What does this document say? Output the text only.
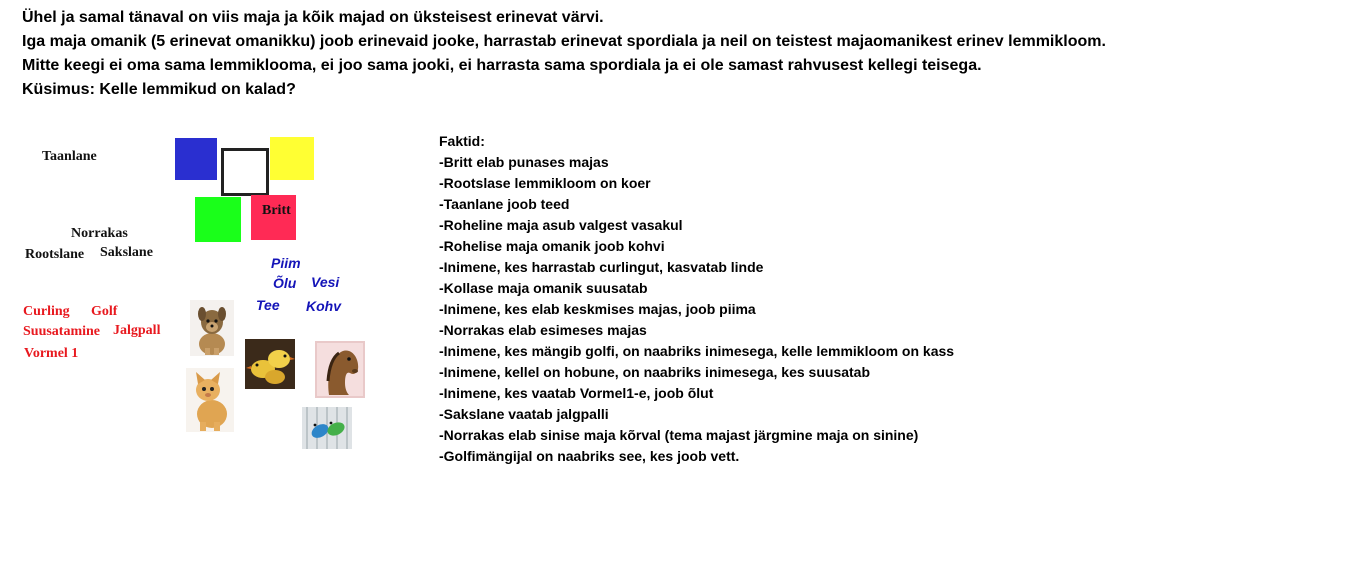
Ühel ja samal tänaval on viis maja ja kõik majad on üksteisest erinevat värvi.

Iga maja omanik (5 erinevat omanikku) joob erinevaid jooke, harrastab erinevat spordiala ja neil on teistest majaomanikest erinev lemmikloom.

Mitte keegi ei oma sama lemmiklooma, ei joo sama jooki, ei harrasta sama spordiala ja ei ole samast rahvusest kellegi teisega.

Küsimus: Kelle lemmikud on kalad?

Taanlane
Norrakas
Rootslane Sakslane
Curling Golf
Suusatamine Jalgpall
Vormel 1
Britt
Piim
Õlu Vesi
Tee Kohv
Faktid:
-Britt elab punases majas
-Rootslase lemmikloom on koer
-Taanlane joob teed
-Roheline maja asub valgest vasakul
-Rohelise maja omanik joob kohvi
-Inimene, kes harrastab curlingut, kasvatab linde
-Kollase maja omanik suusatab
-Inimene, kes elab keskmises majas, joob piima
-Norrakas elab esimeses majas
-Inimene, kes mängib golfi, on naabriks inimesega, kelle lemmikloom on kass
-Inimene, kellel on hobune, on naabriks inimesega, kes suusatab
-Inimene, kes vaatab Vormel1-e, joob õlut
-Sakslane vaatab jalgpalli
-Norrakas elab sinise maja kõrval (tema majast järgmine maja on sinine)
-Golfimängijal on naabriks see, kes joob vett.
